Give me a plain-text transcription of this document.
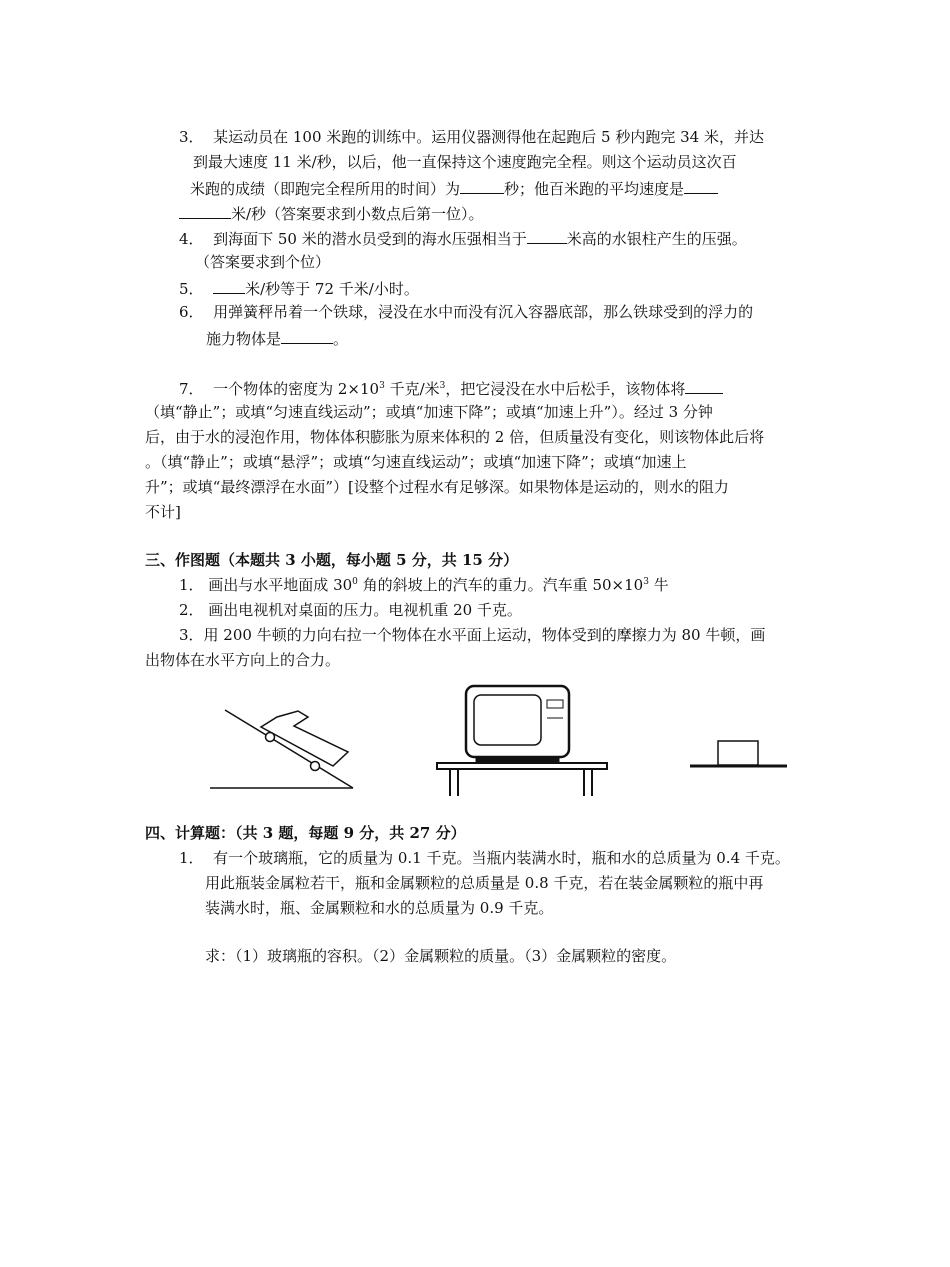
3． 某运动员在 100 米跑的训练中。运用仪器测得他在起跑后 5 秒内跑完 34 米，并达
到最大速度 11 米/秒，以后，他一直保持这个速度跑完全程。则这个运动员这次百
米跑的成绩（即跑完全程所用的时间）为	秒；他百米跑的平均速度是
米/秒（答案要求到小数点后第一位）。
4． 到海面下 50 米的潜水员受到的海水压强相当于	米高的水银柱产生的压强。
（答案要求到个位）
5．	米/秒等于 72 千米/小时。
6． 用弹簧秤吊着一个铁球，浸没在水中而没有沉入容器底部，那么铁球受到的浮力的
施力物体是	。
7． 一个物体的密度为 $2\times 10^3$ 千克/米$^3$，把它浸没在水中后松手，该物体将
（填“静止”；或填“匀速直线运动”；或填“加速下降”；或填“加速上升”）。经过 3 分钟
后，由于水的浸泡作用，物体体积膨胀为原来体积的 2 倍，但质量没有变化，则该物体此后将
。（填“静止”；或填“悬浮”；或填“匀速直线运动”；或填“加速下降”；或填“加速上
升”；或填“最终漂浮在水面”）[设整个过程水有足够深。如果物体是运动的，则水的阻力
不计]
三、作图题（本题共 3 小题，每小题 5 分，共 15 分）
1． 画出与水平地面成 $30^0$ 角的斜坡上的汽车的重力。汽车重 $50\times 10^3$ 牛
2． 画出电视机对桌面的压力。电视机重 20 千克。
3．用 200 牛顿的力向右拉一个物体在水平面上运动，物体受到的摩擦力为 80 牛顿，画
出物体在水平方向上的合力。
四、计算题：（共 3 题，每题 9 分，共 27 分）
1． 有一个玻璃瓶，它的质量为 0.1 千克。当瓶内装满水时，瓶和水的总质量为 0.4 千克。
用此瓶装金属粒若干，瓶和金属颗粒的总质量是 0.8 千克，若在装金属颗粒的瓶中再
装满水时，瓶、金属颗粒和水的总质量为 0.9 千克。
求：（1）玻璃瓶的容积。（2）金属颗粒的质量。（3）金属颗粒的密度。
